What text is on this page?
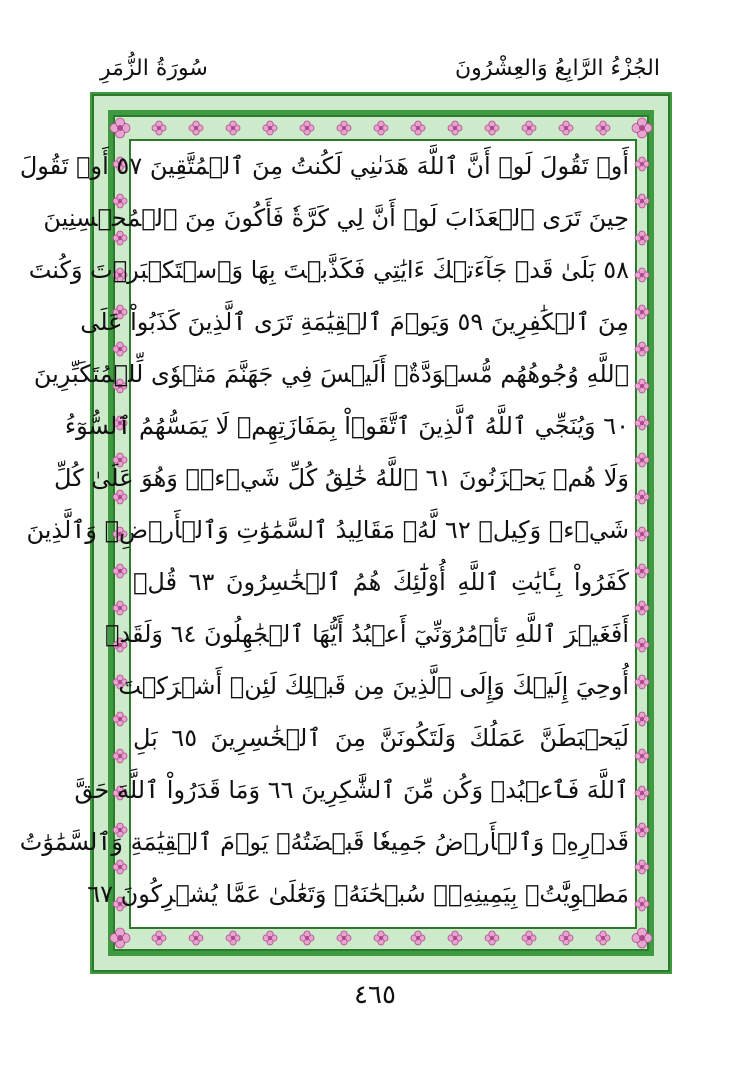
الجُزْءُ الرَّابِعُ وَالعِشْرُونَ
سُورَةُ الزُّمَرِ
أَوۡ تَقُولَ لَوۡ أَنَّ ٱللَّهَ هَدَىٰنِي لَكُنتُ مِنَ ٱلۡمُتَّقِينَ ٥٧ أَوۡ تَقُولَ
حِينَ تَرَى ٱلۡعَذَابَ لَوۡ أَنَّ لِي كَرَّةٗ فَأَكُونَ مِنَ ٱلۡمُحۡسِنِينَ
٥٨ بَلَىٰ قَدۡ جَآءَتۡكَ ءَايَٰتِي فَكَذَّبۡتَ بِهَا وَٱسۡتَكۡبَرۡتَ وَكُنتَ
مِنَ ٱلۡكَٰفِرِينَ ٥٩ وَيَوۡمَ ٱلۡقِيَٰمَةِ تَرَى ٱلَّذِينَ كَذَبُواْ عَلَى
ٱللَّهِ وُجُوهُهُم مُّسۡوَدَّةٌۚ أَلَيۡسَ فِي جَهَنَّمَ مَثۡوٗى لِّلۡمُتَكَبِّرِينَ
٦٠ وَيُنَجِّي ٱللَّهُ ٱلَّذِينَ ٱتَّقَوۡاْ بِمَفَازَتِهِمۡ لَا يَمَسُّهُمُ ٱلسُّوٓءُ
وَلَا هُمۡ يَحۡزَنُونَ ٦١ ٱللَّهُ خَٰلِقُ كُلِّ شَيۡءٖۖ وَهُوَ عَلَىٰ كُلِّ
شَيۡءٖ وَكِيلٞ ٦٢ لَّهُۥ مَقَالِيدُ ٱلسَّمَٰوَٰتِ وَٱلۡأَرۡضِۗ وَٱلَّذِينَ
كَفَرُواْ بِـَٔايَٰتِ ٱللَّهِ أُوْلَٰٓئِكَ هُمُ ٱلۡخَٰسِرُونَ ٦٣ قُلۡ
أَفَغَيۡرَ ٱللَّهِ تَأۡمُرُوٓنِّيٓ أَعۡبُدُ أَيُّهَا ٱلۡجَٰهِلُونَ ٦٤ وَلَقَدۡ
أُوحِيَ إِلَيۡكَ وَإِلَى ٱلَّذِينَ مِن قَبۡلِكَ لَئِنۡ أَشۡرَكۡتَ
لَيَحۡبَطَنَّ عَمَلُكَ وَلَتَكُونَنَّ مِنَ ٱلۡخَٰسِرِينَ ٦٥ بَلِ
ٱللَّهَ فَٱعۡبُدۡ وَكُن مِّنَ ٱلشَّٰكِرِينَ ٦٦ وَمَا قَدَرُواْ ٱللَّهَ حَقَّ
قَدۡرِهِۦ وَٱلۡأَرۡضُ جَمِيعٗا قَبۡضَتُهُۥ يَوۡمَ ٱلۡقِيَٰمَةِ وَٱلسَّمَٰوَٰتُ
مَطۡوِيَّٰتُۢ بِيَمِينِهِۦۚ سُبۡحَٰنَهُۥ وَتَعَٰلَىٰ عَمَّا يُشۡرِكُونَ ٦٧
٤٦٥
